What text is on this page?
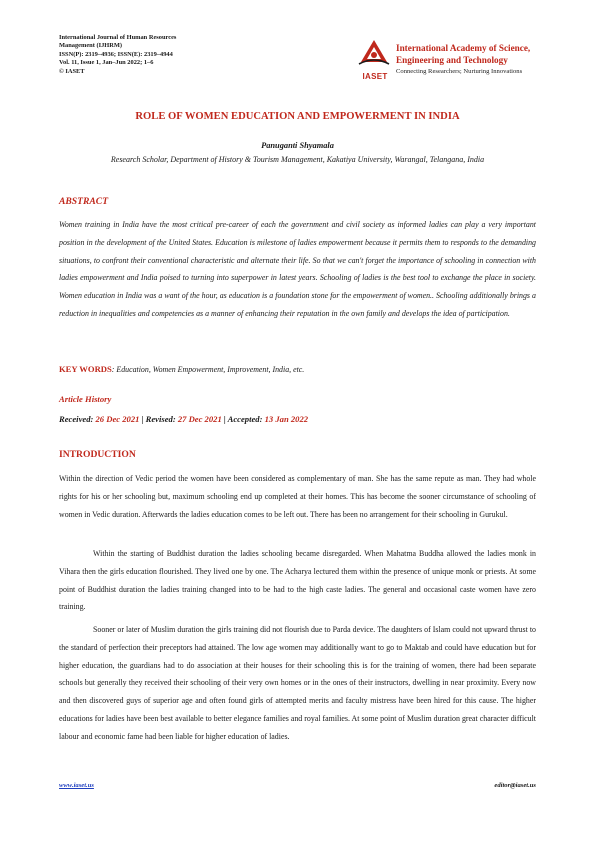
International Journal of Human Resources
Management (IJHRM)
ISSN(P): 2319–4936; ISSN(E): 2319–4944
Vol. 11, Issue 1, Jan–Jun 2022; 1–6
© IASET
IASET
International Academy of Science,
Engineering and Technology
Connecting Researchers; Nurturing Innovations
ROLE OF WOMEN EDUCATION AND EMPOWERMENT IN INDIA
Panuganti Shyamala
Research Scholar, Department of History & Tourism Management, Kakatiya University, Warangal, Telangana, India
ABSTRACT
Women training in India have the most critical pre-career of each the government and civil society as informed ladies can play a very important position in the development of the United States. Education is milestone of ladies empowerment because it permits them to responds to the demanding situations, to confront their conventional characteristic and alternate their life. So that we can't forget the importance of schooling in connection with ladies empowerment and India poised to turning into superpower in latest years. Schooling of ladies is the best tool to exchange the place in society. Women education in India was a want of the hour, as education is a foundation stone for the empowerment of women.. Schooling additionally brings a reduction in inequalities and competencies as a manner of enhancing their reputation in the own family and develops the idea of participation.
KEY WORDS: Education, Women Empowerment, Improvement, India, etc.
Article History
Received: 26 Dec 2021 | Revised: 27 Dec 2021 | Accepted: 13 Jan 2022
INTRODUCTION
Within the direction of Vedic period the women have been considered as complementary of man. She has the same repute as man. They had whole rights for his or her schooling but, maximum schooling end up completed at their homes. This has become the sooner circumstance of schooling of women in Vedic duration. Afterwards the ladies education comes to be left out. There has been no arrangement for their schooling in Gurukul.
Within the starting of Buddhist duration the ladies schooling became disregarded. When Mahatma Buddha allowed the ladies monk in Vihara then the girls education flourished. They lived one by one. The Acharya lectured them within the presence of unique monk or priests. At some point of Buddhist duration the ladies training changed into to be had to the high caste ladies. The general and occasional caste women have zero training.
Sooner or later of Muslim duration the girls training did not flourish due to Parda device. The daughters of Islam could not upward thrust to the standard of perfection their preceptors had attained. The low age women may additionally want to go to Maktab and could have education but for higher education, the guardians had to do association at their houses for their schooling this is for the training of women, there had been separate schools but generally they received their schooling of their very own homes or in the ones of their instructors, dwelling in near proximity. Every now and then discovered guys of superior age and often found girls of attempted merits and faculty mistress have been hired for this cause. The higher educations for ladies have been best available to better elegance families and royal families. At some point of Muslim duration great character difficult labour and economic fame had been liable for higher education of ladies.
www.iaset.us	editor@iaset.us
